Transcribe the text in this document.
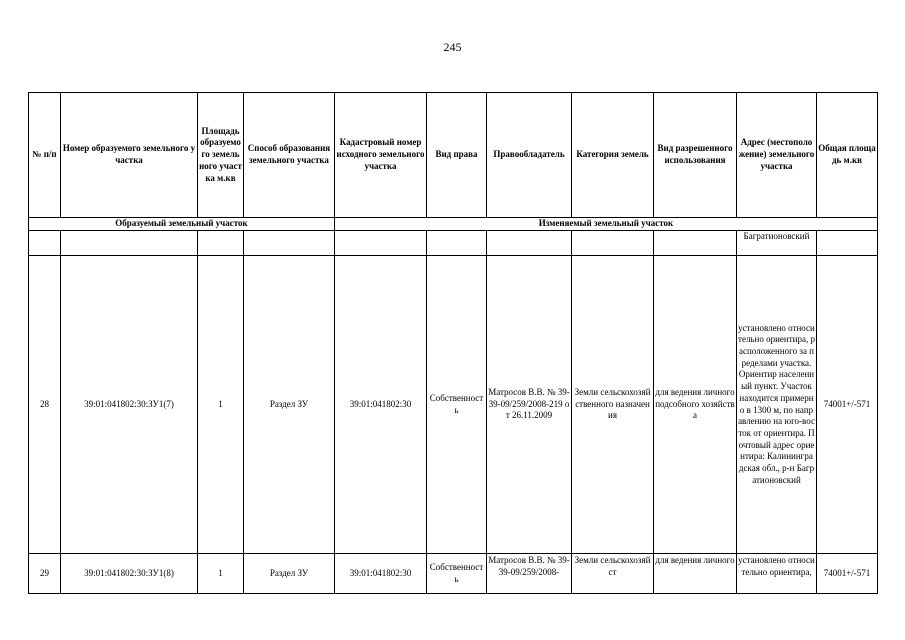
245
№ п/п	Номер образуемого земельного участка	Площадь образуемого земельного участка м.кв	Способ образования земельного участка	Кадастровый номер исходного земельного участка	Вид права	Правообладатель	Категория земель	Вид разрешенного использования	Адрес (местоположение) земельного участка	Общая площадь м.кв
Образуемый земельный участок				Изменяемый земельный участок						
									Багратионовский	
28	39:01:041802:30:ЗУ1(7)	1	Раздел ЗУ	39:01:041802:30	Собственность	Матросов В.В. № 39-39-09/259/2008-219 от 26.11.2009	Земли сельскохозяйственного назначения	для ведения личного подсобного хозяйства	установлено относительно ориентира, расположенного за пределами участка. Ориентир населенный пункт. Участок находится примерно в 1300 м, по направлению на юго-восток от ориентира. Почтовый адрес ориентира: Калининградская обл., р-н Багратионовский	74001+/-571
29	39:01:041802:30:ЗУ1(8)	1	Раздел ЗУ	39:01:041802:30	Собственность	Матросов В.В. № 39-39-09/259/2008-	Земли сельскохозяйст	для ведения личного	установлено относительно ориентира,	74001+/-571
